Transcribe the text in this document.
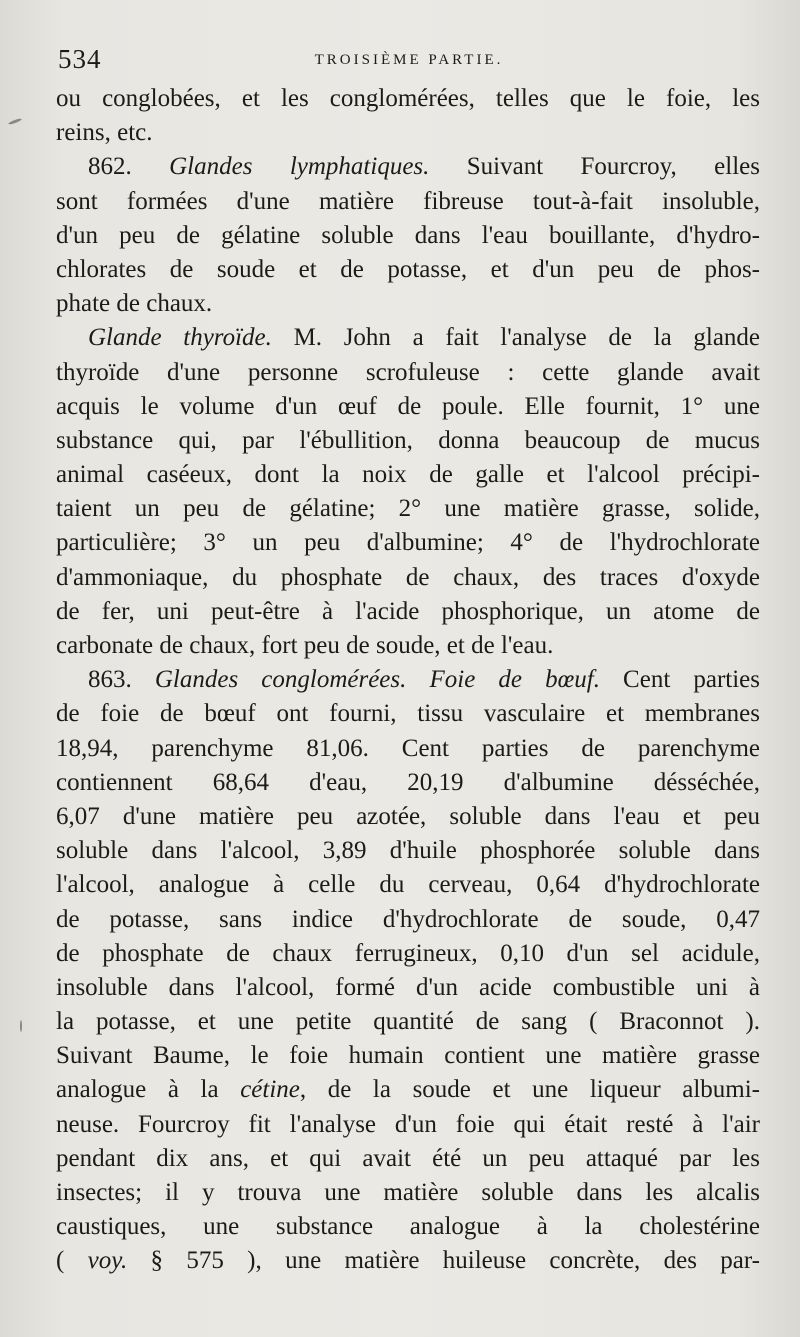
534	TROISIÈME PARTIE.
ou conglobées, et les conglomérées, telles que le foie, les
reins, etc.
862. Glandes lymphatiques. Suivant Fourcroy, elles
sont formées d'une matière fibreuse tout-à-fait insoluble,
d'un peu de gélatine soluble dans l'eau bouillante, d'hydro-
chlorates de soude et de potasse, et d'un peu de phos-
phate de chaux.
Glande thyroïde. M. John a fait l'analyse de la glande
thyroïde d'une personne scrofuleuse : cette glande avait
acquis le volume d'un œuf de poule. Elle fournit, 1° une
substance qui, par l'ébullition, donna beaucoup de mucus
animal caséeux, dont la noix de galle et l'alcool précipi-
taient un peu de gélatine; 2° une matière grasse, solide,
particulière; 3° un peu d'albumine; 4° de l'hydrochlorate
d'ammoniaque, du phosphate de chaux, des traces d'oxyde
de fer, uni peut-être à l'acide phosphorique, un atome de
carbonate de chaux, fort peu de soude, et de l'eau.
863. Glandes conglomérées. Foie de bœuf. Cent parties
de foie de bœuf ont fourni, tissu vasculaire et membranes
18,94, parenchyme 81,06. Cent parties de parenchyme
contiennent 68,64 d'eau, 20,19 d'albumine désséchée,
6,07 d'une matière peu azotée, soluble dans l'eau et peu
soluble dans l'alcool, 3,89 d'huile phosphorée soluble dans
l'alcool, analogue à celle du cerveau, 0,64 d'hydrochlorate
de potasse, sans indice d'hydrochlorate de soude, 0,47
de phosphate de chaux ferrugineux, 0,10 d'un sel acidule,
insoluble dans l'alcool, formé d'un acide combustible uni à
la potasse, et une petite quantité de sang ( Braconnot ).
Suivant Baume, le foie humain contient une matière grasse
analogue à la cétine, de la soude et une liqueur albumi-
neuse. Fourcroy fit l'analyse d'un foie qui était resté à l'air
pendant dix ans, et qui avait été un peu attaqué par les
insectes; il y trouva une matière soluble dans les alcalis
caustiques, une substance analogue à la cholestérine
( voy. § 575 ), une matière huileuse concrète, des par-
